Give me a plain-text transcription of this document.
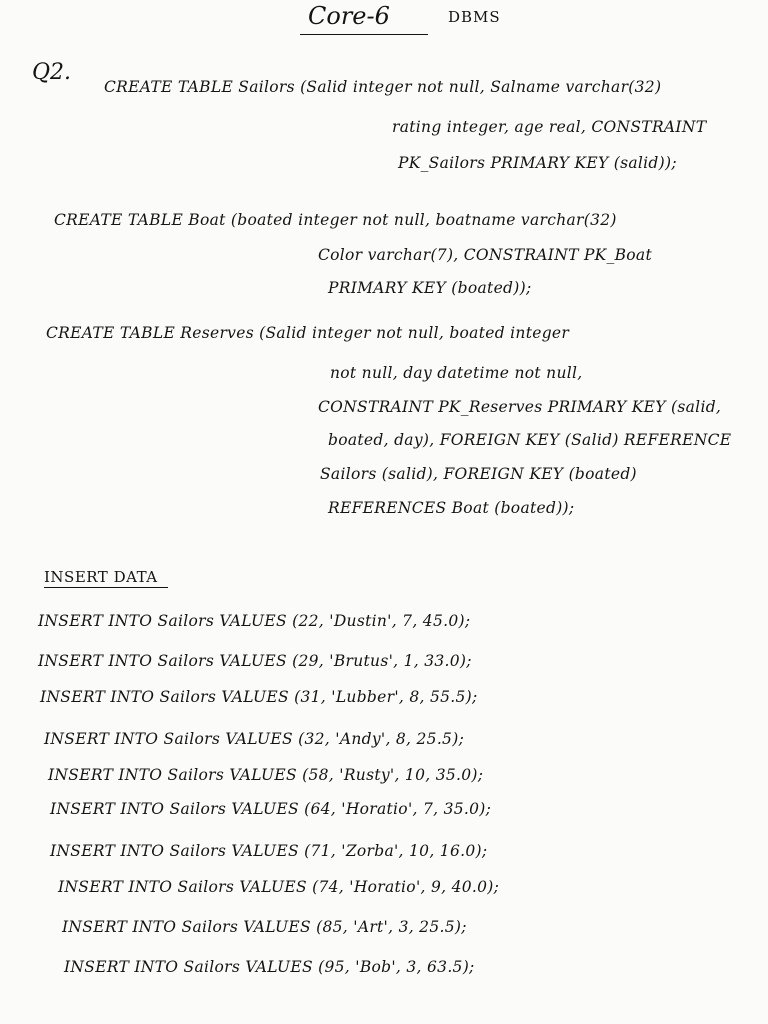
Core-6	DBMS
Q2.
CREATE TABLE Sailors (Salid integer not null, Salname varchar(32)
rating integer, age real, CONSTRAINT
PK_Sailors PRIMARY KEY (salid));
CREATE TABLE Boat (boated integer not null, boatname varchar(32)
Color varchar(7), CONSTRAINT PK_Boat
PRIMARY KEY (boated));
CREATE TABLE Reserves (Salid integer not null, boated integer
not null, day datetime not null,
CONSTRAINT PK_Reserves PRIMARY KEY (salid,
boated, day), FOREIGN KEY (Salid) REFERENCE
Sailors (salid), FOREIGN KEY (boated)
REFERENCES Boat (boated));
INSERT DATA
INSERT INTO Sailors VALUES (22, 'Dustin', 7, 45.0);
INSERT INTO Sailors VALUES (29, 'Brutus', 1, 33.0);
INSERT INTO Sailors VALUES (31, 'Lubber', 8, 55.5);
INSERT INTO Sailors VALUES (32, 'Andy', 8, 25.5);
INSERT INTO Sailors VALUES (58, 'Rusty', 10, 35.0);
INSERT INTO Sailors VALUES (64, 'Horatio', 7, 35.0);
INSERT INTO Sailors VALUES (71, 'Zorba', 10, 16.0);
INSERT INTO Sailors VALUES (74, 'Horatio', 9, 40.0);
INSERT INTO Sailors VALUES (85, 'Art', 3, 25.5);
INSERT INTO Sailors VALUES (95, 'Bob', 3, 63.5);
